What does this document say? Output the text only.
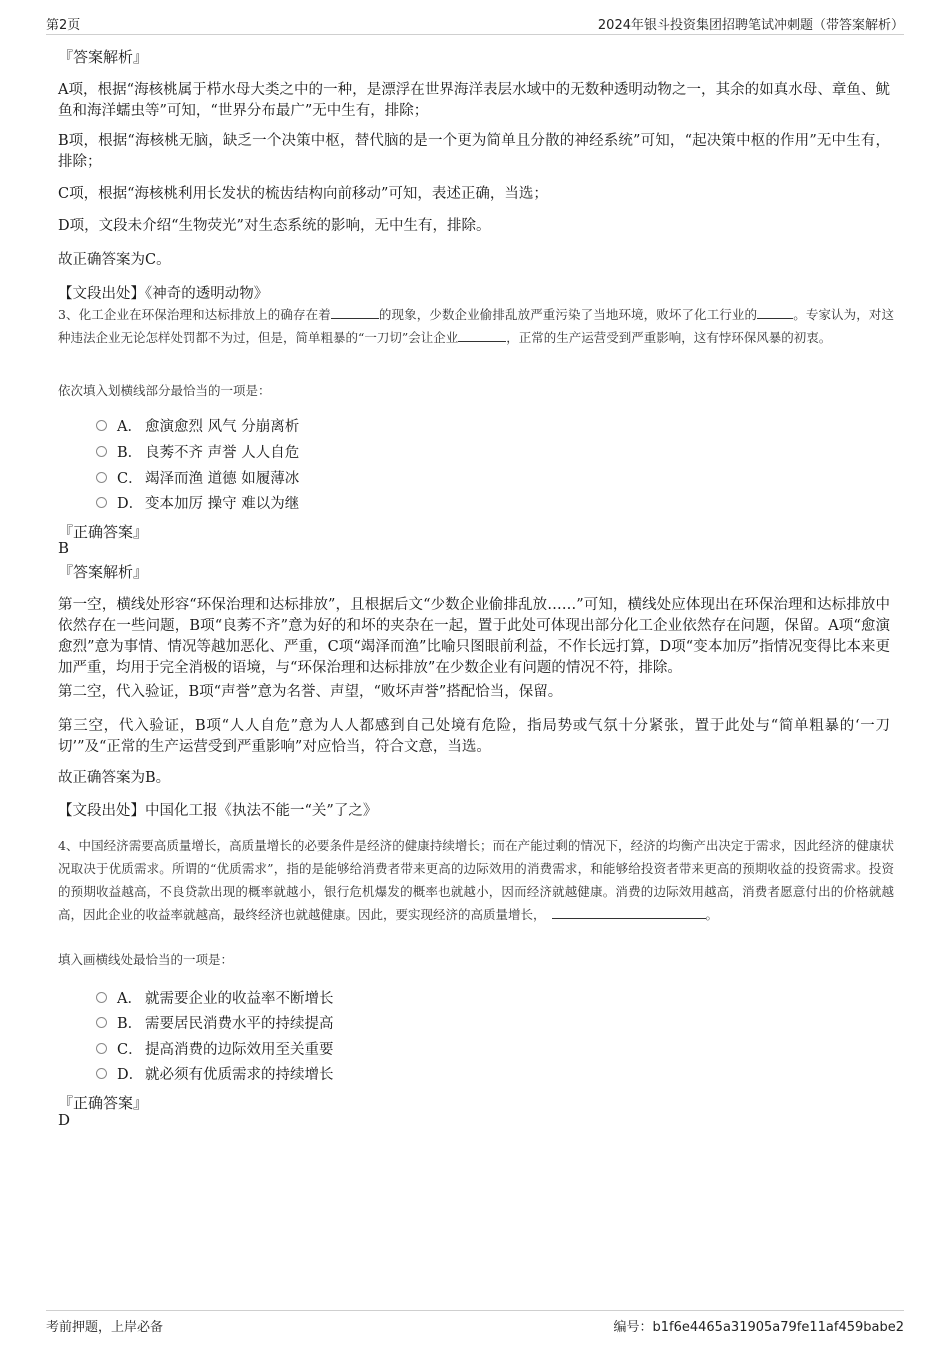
第2页	2024年银斗投资集团招聘笔试冲刺题（带答案解析）
『答案解析』
A项，根据“海核桃属于栉水母大类之中的一种，是漂浮在世界海洋表层水域中的无数种透明动物之一，其余的如真水母、章鱼、鱿鱼和海洋蠕虫等”可知，“世界分布最广”无中生有，排除；
B项，根据“海核桃无脑，缺乏一个决策中枢，替代脑的是一个更为简单且分散的神经系统”可知，“起决策中枢的作用”无中生有，排除；
C项，根据“海核桃利用长发状的梳齿结构向前移动”可知，表述正确，当选；
D项，文段未介绍“生物荧光”对生态系统的影响，无中生有，排除。
故正确答案为C。
【文段出处】《神奇的透明动物》
3、化工企业在环保治理和达标排放上的确存在着	的现象，少数企业偷排乱放严重污染了当地环境，败坏了化工行业的	。专家认为，对这种违法企业无论怎样处罚都不为过，但是，简单粗暴的“一刀切”会让企业	，正常的生产运营受到严重影响，这有悖环保风暴的初衷。
依次填入划横线部分最恰当的一项是：
A． 愈演愈烈 风气 分崩离析
B． 良莠不齐 声誉 人人自危
C． 竭泽而渔 道德 如履薄冰
D． 变本加厉 操守 难以为继
『正确答案』
B
『答案解析』
第一空，横线处形容“环保治理和达标排放”，且根据后文“少数企业偷排乱放……”可知，横线处应体现出在环保治理和达标排放中依然存在一些问题，B项“良莠不齐”意为好的和坏的夹杂在一起，置于此处可体现出部分化工企业依然存在问题，保留。A项“愈演愈烈”意为事情、情况等越加恶化、严重，C项“竭泽而渔”比喻只图眼前利益，不作长远打算，D项“变本加厉”指情况变得比本来更加严重，均用于完全消极的语境，与“环保治理和达标排放”在少数企业有问题的情况不符，排除。
第二空，代入验证，B项“声誉”意为名誉、声望，“败坏声誉”搭配恰当，保留。
第三空，代入验证，B项“人人自危”意为人人都感到自己处境有危险，指局势或气氛十分紧张，置于此处与“简单粗暴的‘一刀切’”及“正常的生产运营受到严重影响”对应恰当，符合文意，当选。
故正确答案为B。
【文段出处】中国化工报《执法不能一“关”了之》
4、中国经济需要高质量增长，高质量增长的必要条件是经济的健康持续增长；而在产能过剩的情况下，经济的均衡产出决定于需求，因此经济的健康状况取决于优质需求。所谓的“优质需求”，指的是能够给消费者带来更高的边际效用的消费需求，和能够给投资者带来更高的预期收益的投资需求。投资的预期收益越高，不良贷款出现的概率就越小，银行危机爆发的概率也就越小，因而经济就越健康。消费的边际效用越高，消费者愿意付出的价格就越高，因此企业的收益率就越高，最终经济也就越健康。因此，要实现经济的高质量增长，	。
填入画横线处最恰当的一项是：
A． 就需要企业的收益率不断增长
B． 需要居民消费水平的持续提高
C． 提高消费的边际效用至关重要
D． 就必须有优质需求的持续增长
『正确答案』
D
考前押题，上岸必备	编号：b1f6e4465a31905a79fe11af459babe2
